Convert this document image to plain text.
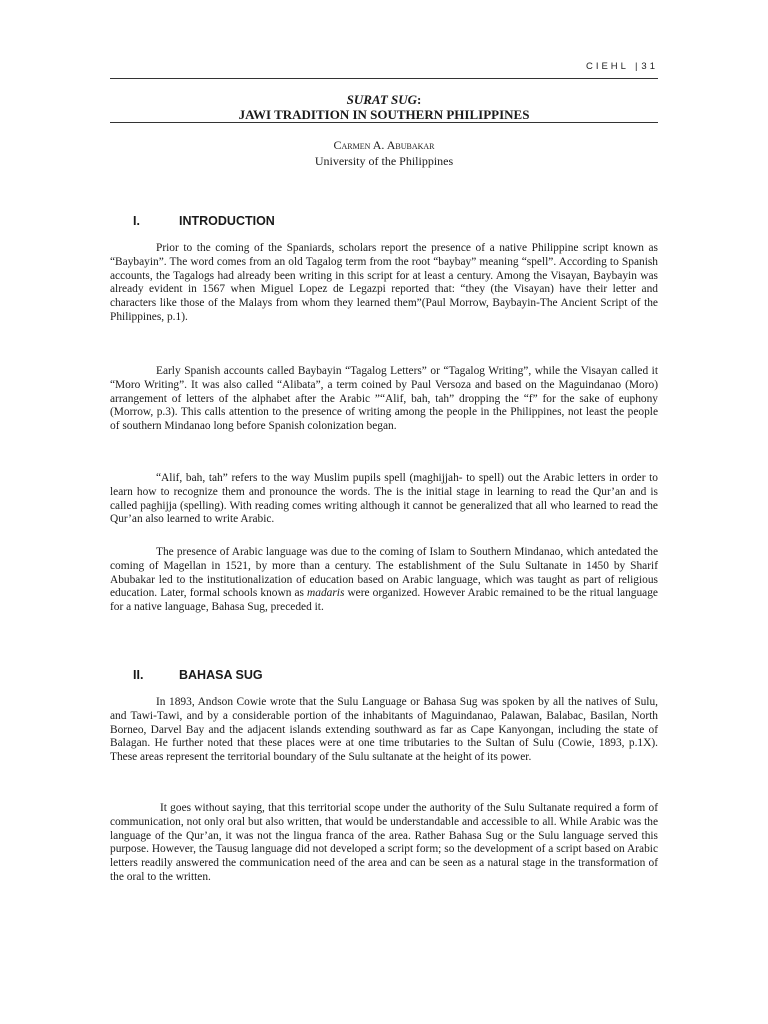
CIEHL | 31
SURAT SUG:
JAWI TRADITION IN SOUTHERN PHILIPPINES
Carmen A. Abubakar
University of the Philippines
I.	INTRODUCTION

Prior to the coming of the Spaniards, scholars report the presence of a native Philippine script known as “Baybayin”. The word comes from an old Tagalog term from the root “baybay” meaning “spell”. According to Spanish accounts, the Tagalogs had already been writing in this script for at least a century. Among the Visayan, Baybayin was already evident in 1567 when Miguel Lopez de Legazpi reported that: “they (the Visayan) have their letter and characters like those of the Malays from whom they learned them”(Paul Morrow, Baybayin-The Ancient Script of the Philippines, p.1).

Early Spanish accounts called Baybayin “Tagalog Letters” or “Tagalog Writing”, while the Visayan called it “Moro Writing”. It was also called “Alibata”, a term coined by Paul Versoza and based on the Maguindanao (Moro) arrangement of letters of the alphabet after the Arabic ”“Alif, bah, tah” dropping the “f” for the sake of euphony (Morrow, p.3). This calls attention to the presence of writing among the people in the Philippines, not least the people of southern Mindanao long before Spanish colonization began.

“Alif, bah, tah” refers to the way Muslim pupils spell (maghijjah- to spell) out the Arabic letters in order to learn how to recognize them and pronounce the words. The is the initial stage in learning to read the Qur’an and is called paghijja (spelling). With reading comes writing although it cannot be generalized that all who learned to read the Qur’an also learned to write Arabic.

The presence of Arabic language was due to the coming of Islam to Southern Mindanao, which antedated the coming of Magellan in 1521, by more than a century. The establishment of the Sulu Sultanate in 1450 by Sharif Abubakar led to the institutionalization of education based on Arabic language, which was taught as part of religious education. Later, formal schools known as madaris were organized. However Arabic remained to be the ritual language for a native language, Bahasa Sug, preceded it.

II.	BAHASA SUG

In 1893, Andson Cowie wrote that the Sulu Language or Bahasa Sug was spoken by all the natives of Sulu, and Tawi-Tawi, and by a considerable portion of the inhabitants of Maguindanao, Palawan, Balabac, Basilan, North Borneo, Darvel Bay and the adjacent islands extending southward as far as Cape Kanyongan, including the state of Balagan. He further noted that these places were at one time tributaries to the Sultan of Sulu (Cowie, 1893, p.1X). These areas represent the territorial boundary of the Sulu sultanate at the height of its power.

It goes without saying, that this territorial scope under the authority of the Sulu Sultanate required a form of communication, not only oral but also written, that would be understandable and accessible to all. While Arabic was the language of the Qur’an, it was not the lingua franca of the area. Rather Bahasa Sug or the Sulu language served this purpose. However, the Tausug language did not developed a script form; so the development of a script based on Arabic letters readily answered the communication need of the area and can be seen as a natural stage in the transformation of the oral to the written.
